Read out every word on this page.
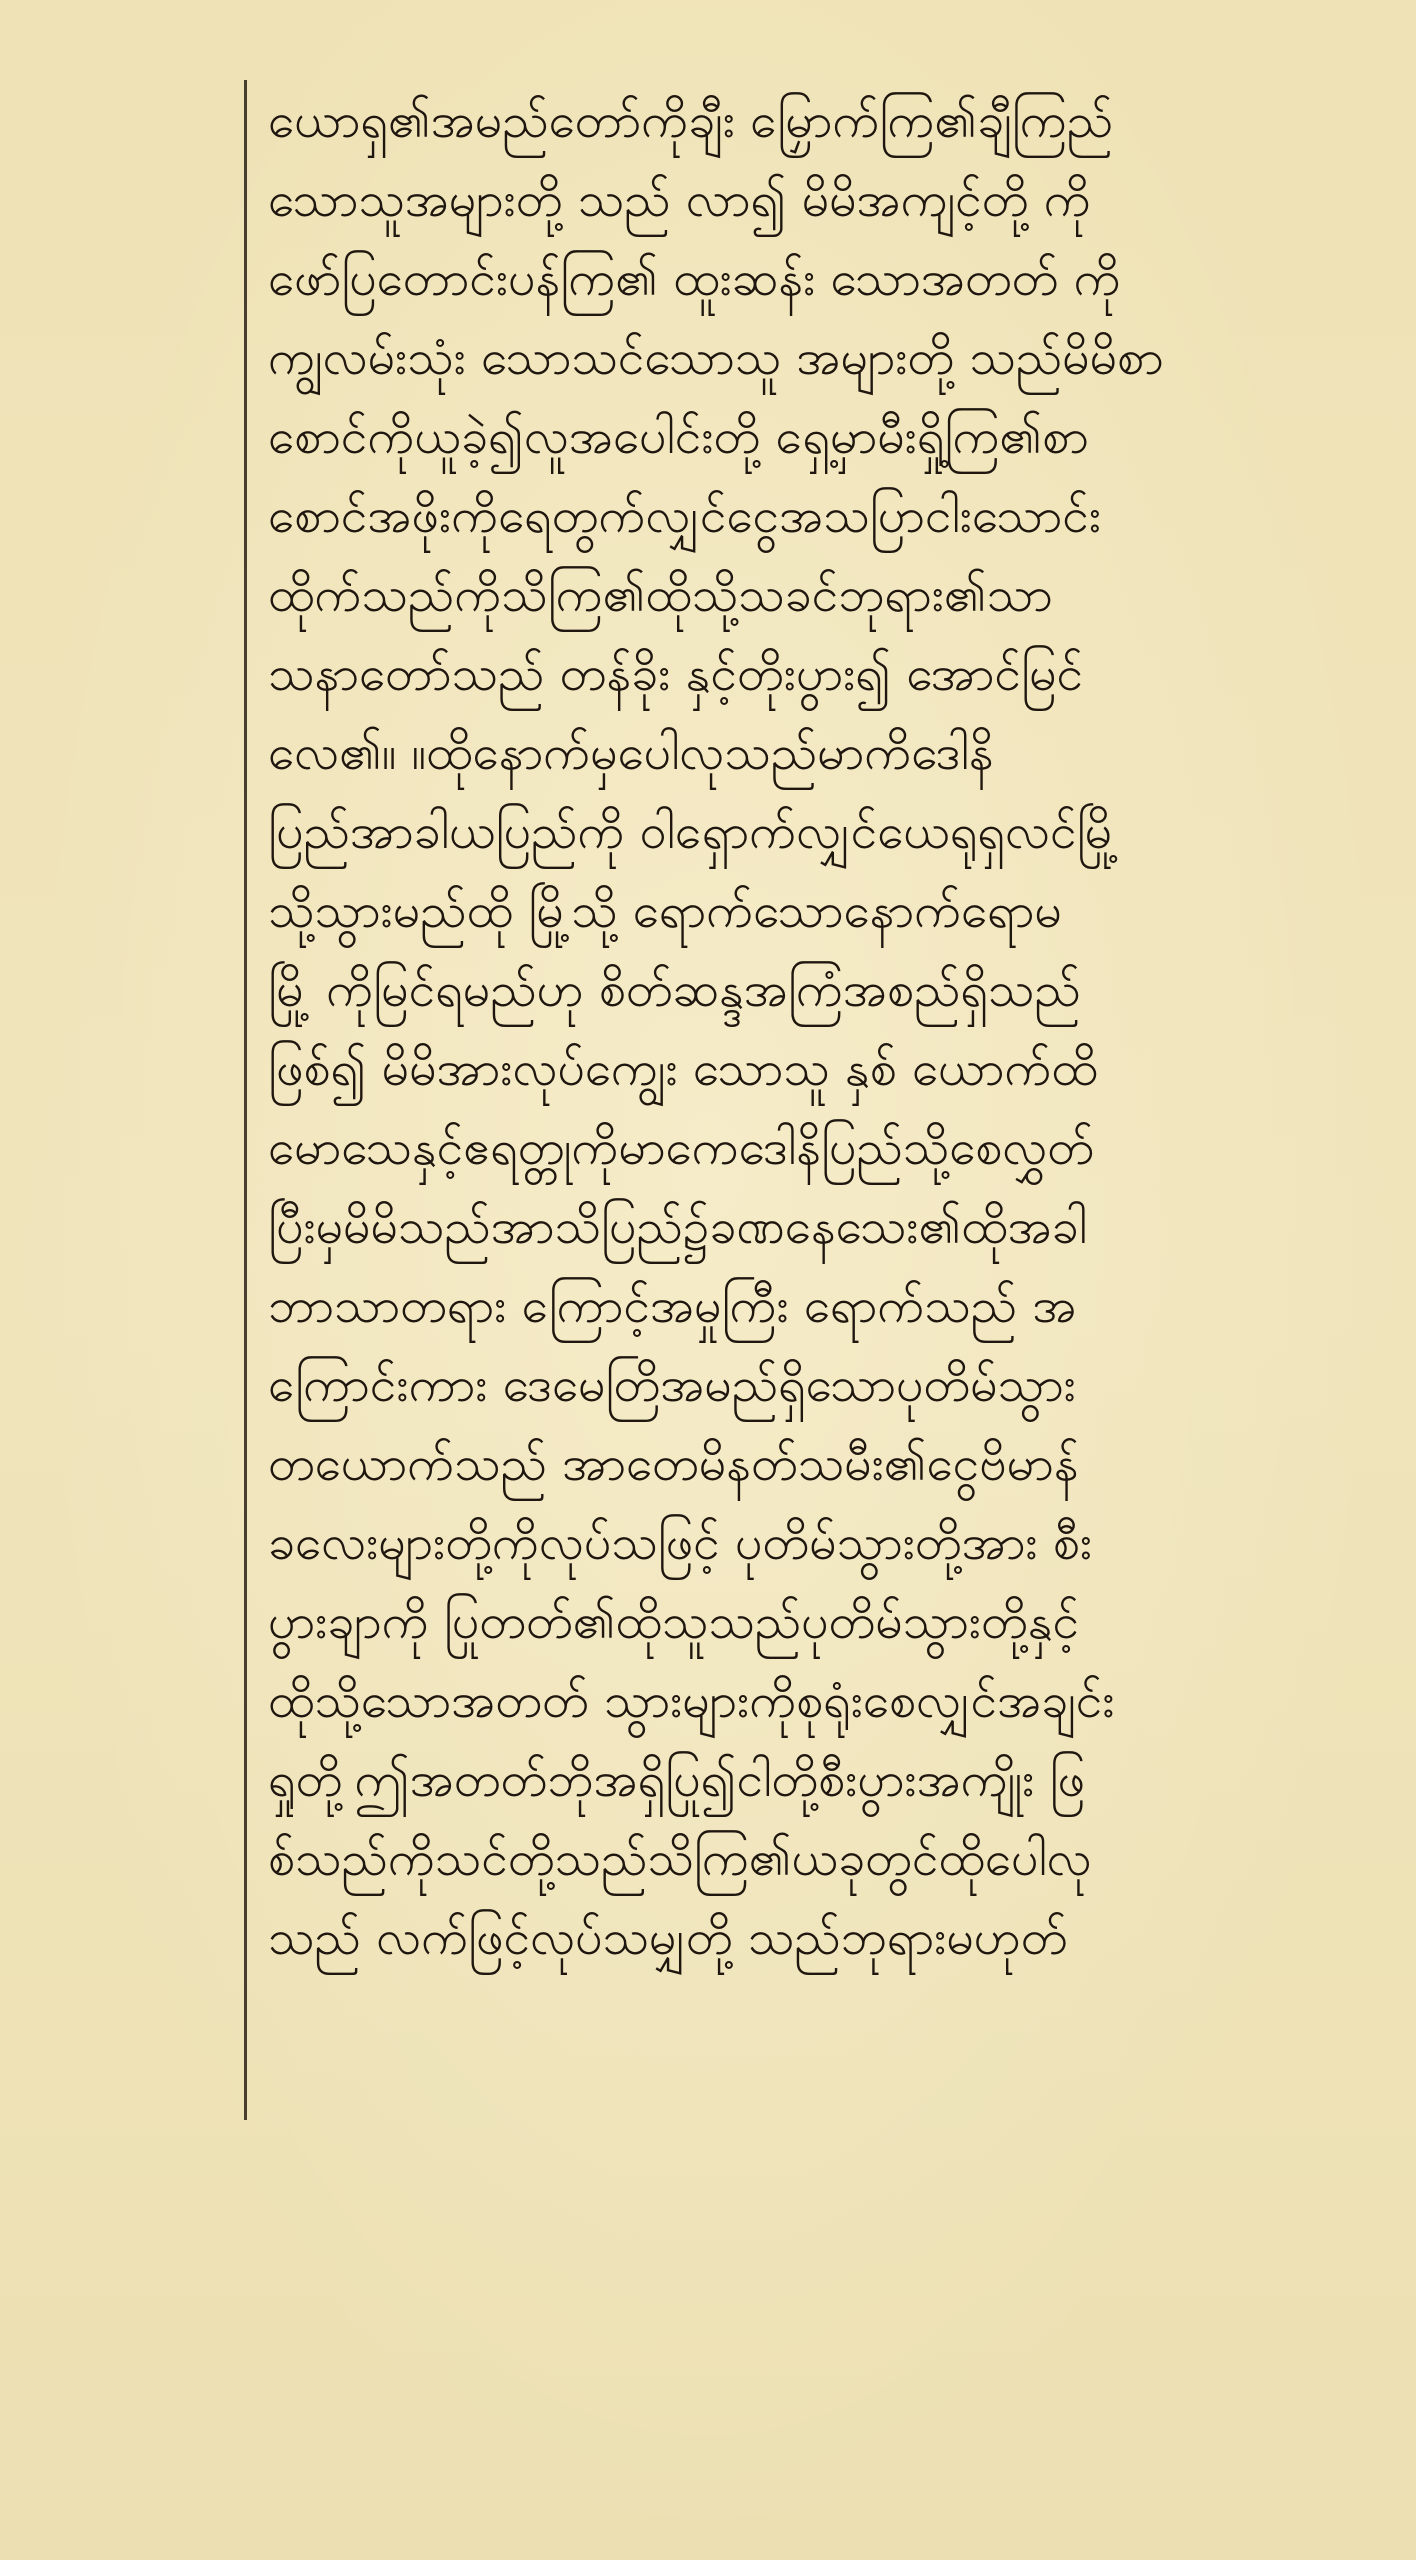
ယောရှ၏အမည်တော်ကိုချီး မြှောက်ကြ၏ချီကြည်
သောသူအများတို့ သည် လာ၍ မိမိအကျင့်တို့ ကို
ဖော်ပြတောင်းပန်ကြ၏ ထူးဆန်း သောအတတ် ကို
ကျွလမ်းသုံး သောသင်သောသူ အများတို့ သည်မိမိစာ
စောင်ကိုယူခဲ့၍လူအပေါင်းတို့ ရှေ့မှာမီးရှို့ကြ၏စာ
စောင်အဖိုးကိုရေတွက်လျှင်ငွေအသပြာငါးသောင်း
ထိုက်သည်ကိုသိကြ၏ထိုသို့သခင်ဘုရား၏သာ
သနာတော်သည် တန်ခိုး နှင့်တိုးပွား၍ အောင်မြင်
လေ၏။ ။ထိုနောက်မှပေါလုသည်မာကိဒေါနိ
ပြည်အာခါယပြည်ကို ဝါရှောက်လျှင်ယေရုရှလင်မြို့
သို့သွားမည်ထို မြို့သို့ ရောက်သောနောက်ရောမ
မြို့ ကိုမြင်ရမည်ဟု စိတ်ဆန္ဒအကြံအစည်ရှိသည်
ဖြစ်၍ မိမိအားလုပ်ကျွေး သောသူ နှစ် ယောက်ထိ
မောသေနှင့်ဧရတ္တုကိုမာကေဒေါနိပြည်သို့စေလွှတ်
ပြီးမှမိမိသည်အာသိပြည်၌ခဏနေသေး၏ထိုအခါ
ဘာသာတရား ကြောင့်အမှုကြီး ရောက်သည် အ
ကြောင်းကား ဒေမေတြိအမည်ရှိသောပုတိမ်သွား
တယောက်သည် အာတေမိနတ်သမီး၏ငွေဗိမာန်
ခလေးများတို့ကိုလုပ်သဖြင့် ပုတိမ်သွားတို့အား စီး
ပွားချာကို ပြုတတ်၏ထိုသူသည်ပုတိမ်သွားတို့နှင့်
ထိုသို့သောအတတ် သွားများကိုစုရုံးစေလျှင်အချင်း
ရှုတို့ဤအတတ်ဘိုအရှိပြု၍ငါတို့စီးပွားအကျိုး ဖြ
စ်သည်ကိုသင်တို့သည်သိကြ၏ယခုတွင်ထိုပေါလု
သည် လက်ဖြင့်လုပ်သမျှတို့ သည်ဘုရားမဟုတ်
